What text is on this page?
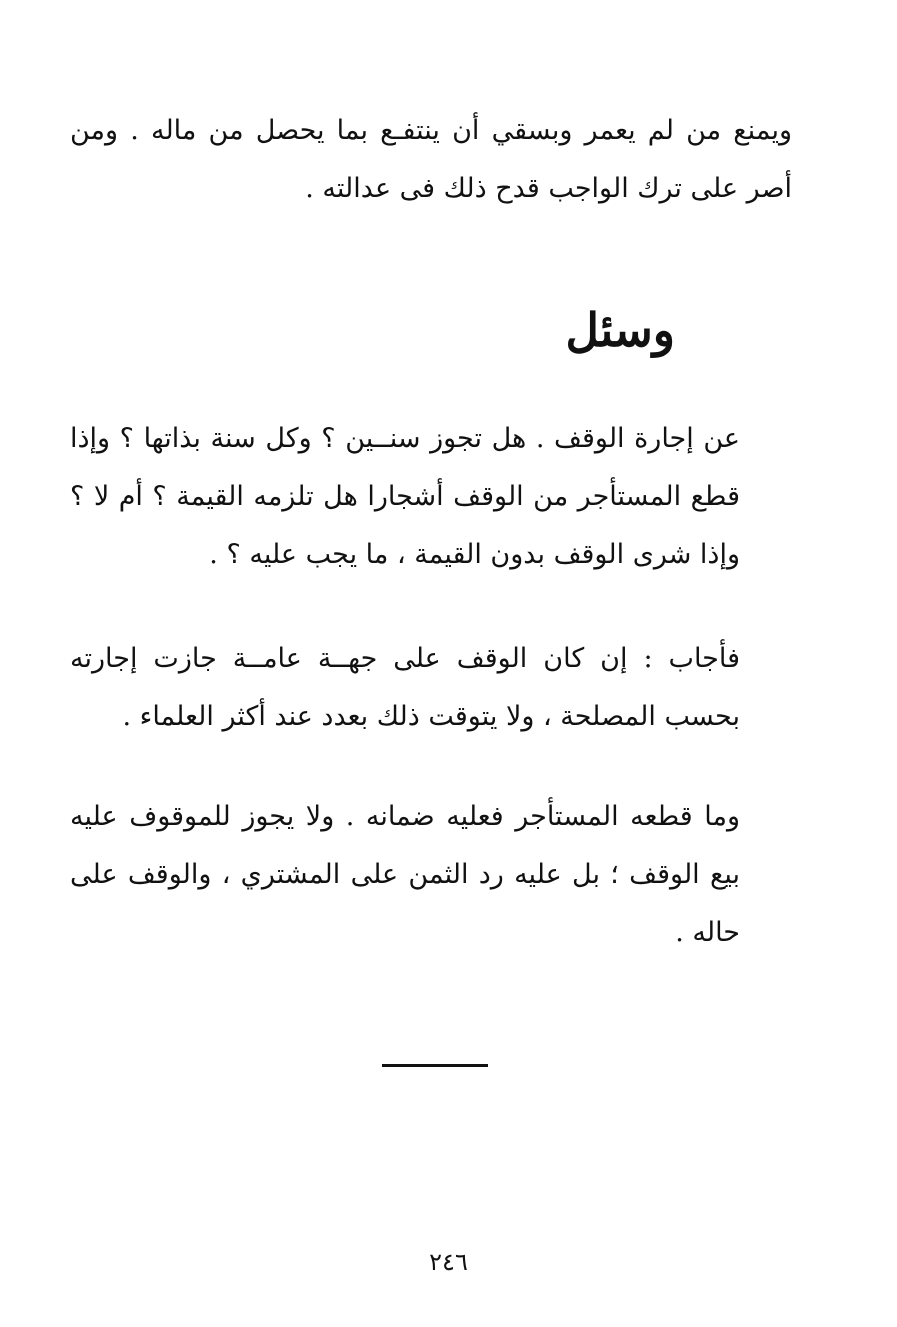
ويمنع من لم يعمر وبسقي أن ينتفـع بما يحصل من ماله . ومن أصر على ترك الواجب قدح ذلك فى عدالته .

وسئل

عن إجارة الوقف . هل تجوز سنــين ؟ وكل سنة بذاتها ؟ وإذا قطع المستأجر من الوقف أشجارا هل تلزمه القيمة ؟ أم لا ؟ وإذا شرى الوقف بدون القيمة ، ما يجب عليه ؟ .

فأجاب : إن كان الوقف على جهــة عامــة جازت إجارته بحسب المصلحة ، ولا يتوقت ذلك بعدد عند أكثر العلماء .

وما قطعه المستأجر فعليه ضمانه . ولا يجوز للموقوف عليه بيع الوقف ؛ بل عليه رد الثمن على المشتري ، والوقف على حاله .

٢٤٦
